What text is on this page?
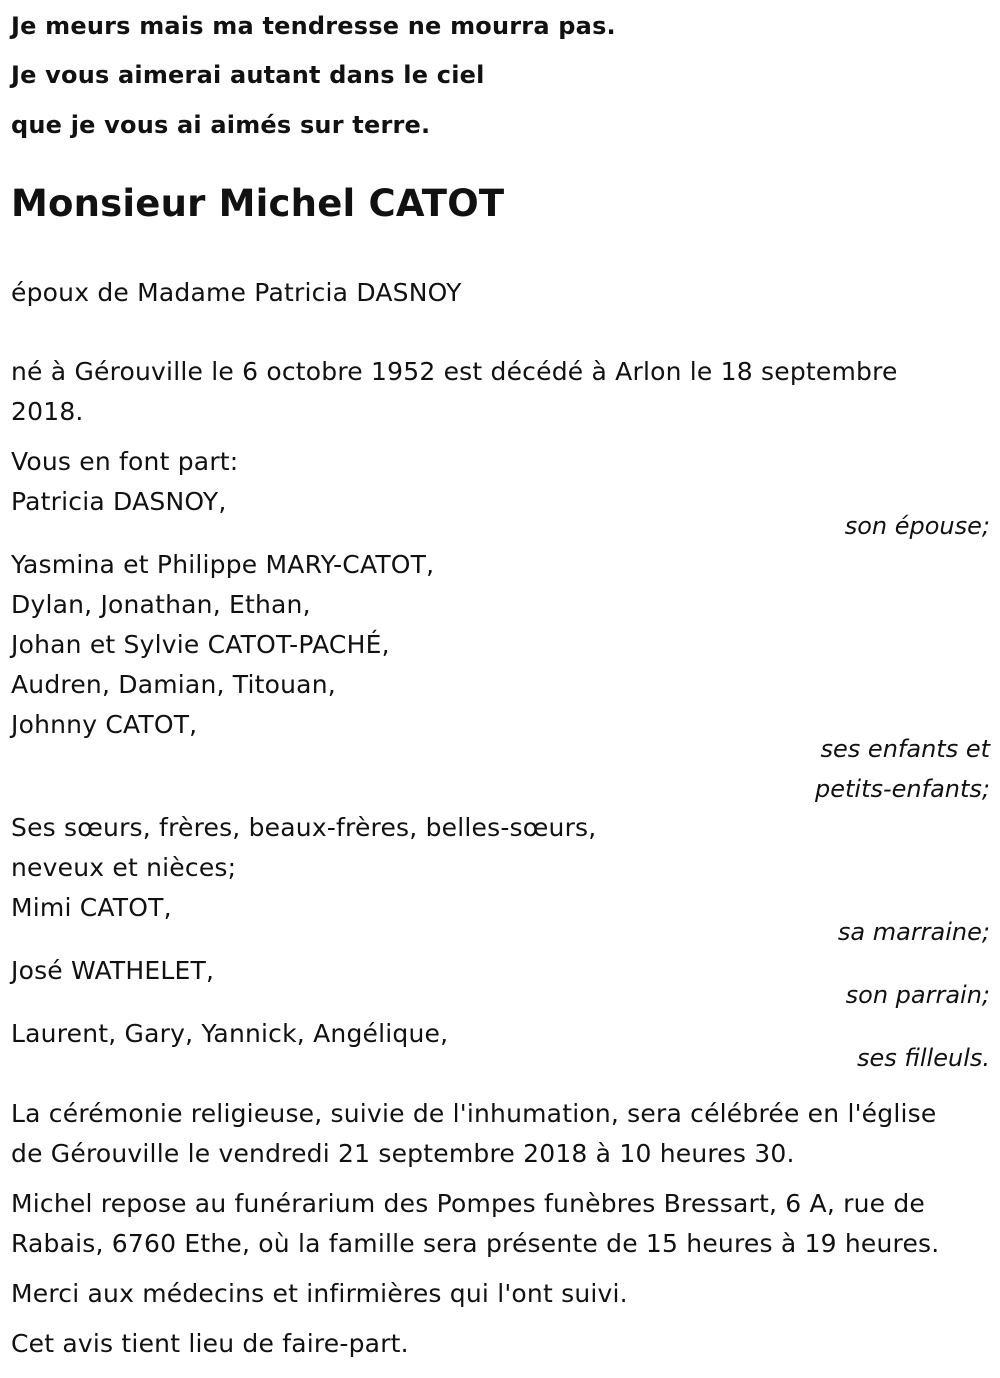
Je meurs mais ma tendresse ne mourra pas.
Je vous aimerai autant dans le ciel
que je vous ai aimés sur terre.
Monsieur Michel CATOT
époux de Madame Patricia DASNOY
né à Gérouville le 6 octobre 1952 est décédé à Arlon le 18 septembre
2018.
Vous en font part:
Patricia DASNOY,
son épouse;
Yasmina et Philippe MARY-CATOT,
Dylan, Jonathan, Ethan,
Johan et Sylvie CATOT-PACHÉ,
Audren, Damian, Titouan,
Johnny CATOT,
ses enfants et
petits-enfants;
Ses sœurs, frères, beaux-frères, belles-sœurs,
neveux et nièces;
Mimi CATOT,
sa marraine;
José WATHELET,
son parrain;
Laurent, Gary, Yannick, Angélique,
ses filleuls.
La cérémonie religieuse, suivie de l'inhumation, sera célébrée en l'église
de Gérouville le vendredi 21 septembre 2018 à 10 heures 30.
Michel repose au funérarium des Pompes funèbres Bressart, 6 A, rue de
Rabais, 6760 Ethe, où la famille sera présente de 15 heures à 19 heures.
Merci aux médecins et infirmières qui l'ont suivi.
Cet avis tient lieu de faire-part.
